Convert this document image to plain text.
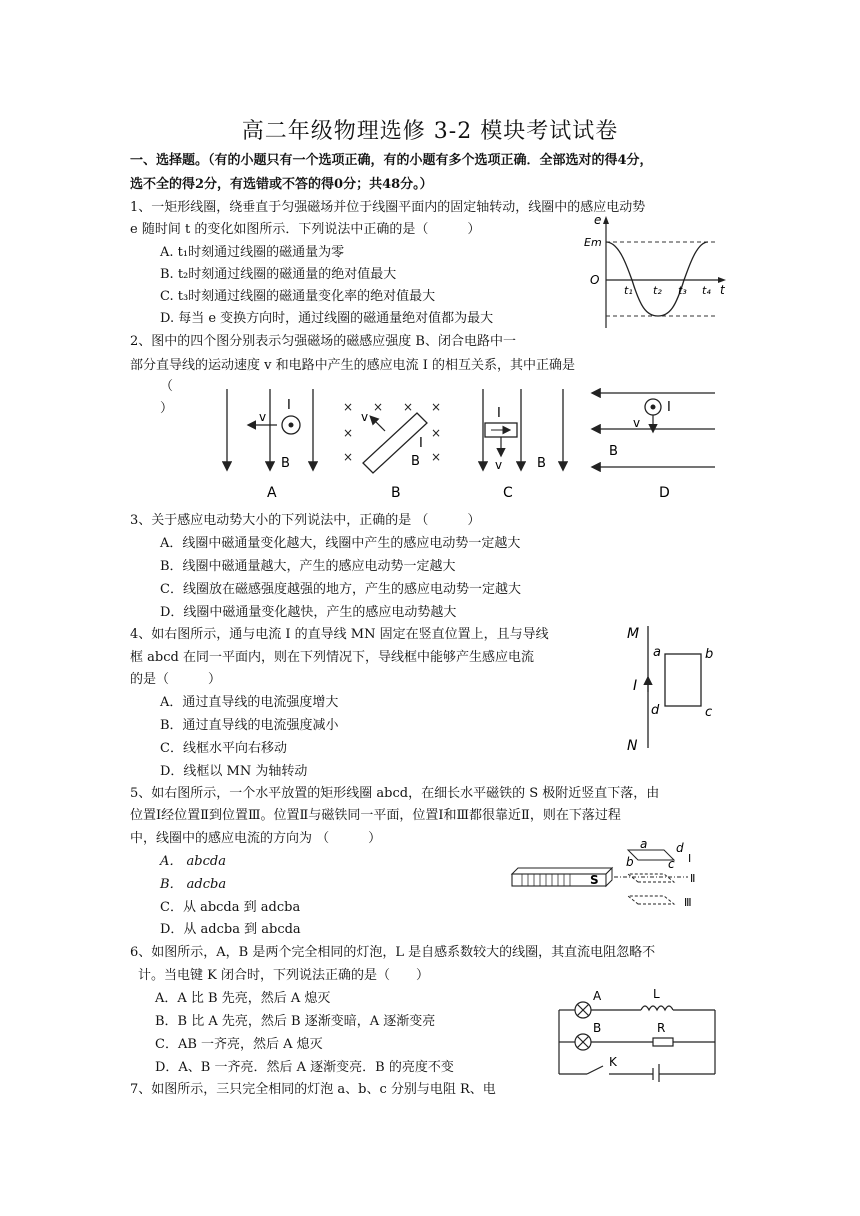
高二年级物理选修 3-2 模块考试试卷
一、选择题。（有的小题只有一个选项正确，有的小题有多个选项正确．全部选对的得4分，
选不全的得2分，有选错或不答的得0分；共48分。）
1、一矩形线圈，绕垂直于匀强磁场并位于线圈平面内的固定轴转动，线圈中的感应电动势
e 随时间 t 的变化如图所示．下列说法中正确的是（　　　）
A. t₁时刻通过线圈的磁通量为零
B. t₂时刻通过线圈的磁通量的绝对值最大
C. t₃时刻通过线圈的磁通量变化率的绝对值最大
D. 每当 e 变换方向时，通过线圈的磁通量绝对值都为最大
e
Em
O
t₁ t₂ t₃ t₄ t
2、图中的四个图分别表示匀强磁场的磁感应强度 B、闭合电路中一
部分直导线的运动速度 v 和电路中产生的感应电流 I 的相互关系，其中正确是
（
）
v
I
B
A
× × × ×
×	×
×	×
v
I
B
B
I
v	B
C
I
v
B
D
3、关于感应电动势大小的下列说法中，正确的是 （　　　）
A．线圈中磁通量变化越大，线圈中产生的感应电动势一定越大
B．线圈中磁通量越大，产生的感应电动势一定越大
C．线圈放在磁感强度越强的地方，产生的感应电动势一定越大
D．线圈中磁通量变化越快，产生的感应电动势越大
4、如右图所示，通与电流 I 的直导线 MN 固定在竖直位置上，且与导线
框 abcd 在同一平面内，则在下列情况下，导线框中能够产生感应电流
的是（　　　）
A．通过直导线的电流强度增大
B．通过直导线的电流强度减小
C．线框水平向右移动
D．线框以 MN 为轴转动
M
N
I
a	b
c
d
5、如右图所示，一个水平放置的矩形线圈 abcd，在细长水平磁铁的 S 极附近竖直下落，由
位置Ⅰ经位置Ⅱ到位置Ⅲ。位置Ⅱ与磁铁同一平面，位置Ⅰ和Ⅲ都很靠近Ⅱ，则在下落过程
中，线圈中的感应电流的方向为 （　　　）
A． abcda
B． adcba
C．从 abcda 到 adcba
D．从 adcba 到 abcda
S
a d
b	c Ⅰ
Ⅱ
Ⅲ
6、如图所示，A，B 是两个完全相同的灯泡，L 是自感系数较大的线圈，其直流电阻忽略不
计。当电键 K 闭合时，下列说法正确的是（　　）
A．A 比 B 先亮，然后 A 熄灭
B．B 比 A 先亮，然后 B 逐渐变暗，A 逐渐变亮
C．AB 一齐亮，然后 A 熄灭
D．A、B 一齐亮．然后 A 逐渐变亮．B 的亮度不变
A
B
L
R
K
7、如图所示，三只完全相同的灯泡 a、b、c 分别与电阻 R、电
